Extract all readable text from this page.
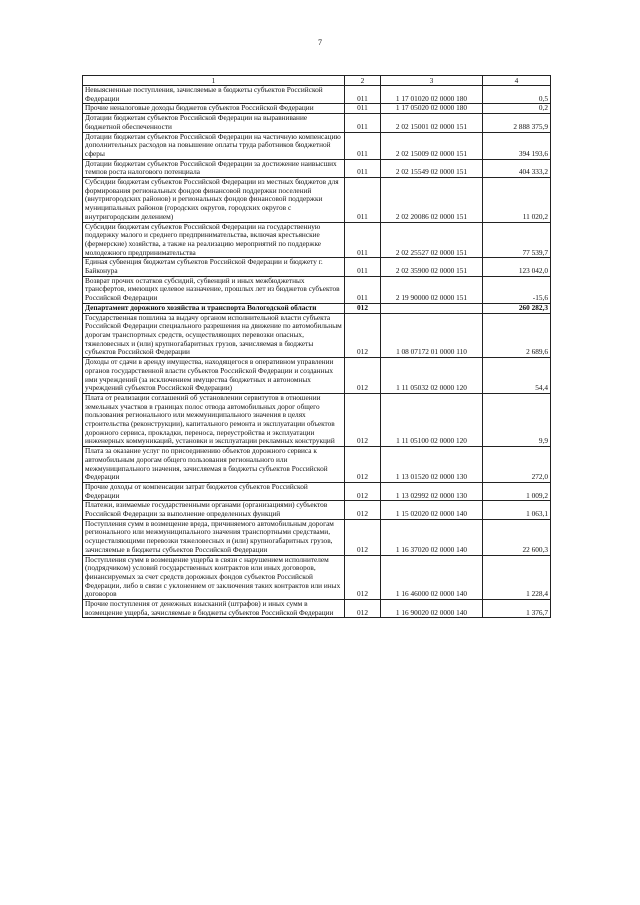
7
1	2	3	4
Невыясненные поступления, зачисляемые в бюджеты субъектов Российской Федерации	011	1 17 01020 02 0000 180	0,5
Прочие неналоговые доходы бюджетов субъектов Российской Федерации	011	1 17 05020 02 0000 180	0,2
Дотации бюджетам субъектов Российской Федерации на выравнивание бюджетной обеспеченности	011	2 02 15001 02 0000 151	2 888 375,9
Дотации бюджетам субъектов Российской Федерации на частичную компенсацию дополнительных расходов на повышение оплаты труда работников бюджетной сферы	011	2 02 15009 02 0000 151	394 193,6
Дотации бюджетам субъектов Российской Федерации за достижение наивысших темпов роста налогового потенциала	011	2 02 15549 02 0000 151	404 333,2
Субсидии бюджетам субъектов Российской Федерации из местных бюджетов для формирования региональных фондов финансовой поддержки поселений (внутригородских районов) и региональных фондов финансовой поддержки муниципальных районов (городских округов, городских округов с внутригородским делением)	011	2 02 20086 02 0000 151	11 020,2
Субсидии бюджетам субъектов Российской Федерации на государственную поддержку малого и среднего предпринимательства, включая крестьянские (фермерские) хозяйства, а также на реализацию мероприятий по поддержке молодежного предпринимательства	011	2 02 25527 02 0000 151	77 539,7
Единая субвенция бюджетам субъектов Российской Федерации и бюджету г. Байконура	011	2 02 35900 02 0000 151	123 042,0
Возврат прочих остатков субсидий, субвенций и иных межбюджетных трансфертов, имеющих целевое назначение, прошлых лет из бюджетов субъектов Российской Федерации	011	2 19 90000 02 0000 151	-15,6
Департамент дорожного хозяйства и транспорта Вологодской области	012		260 282,3
Государственная пошлина за выдачу органом исполнительной власти субъекта Российской Федерации специального разрешения на движение по автомобильным дорогам транспортных средств, осуществляющих перевозки опасных, тяжеловесных и (или) крупногабаритных грузов, зачисляемая в бюджеты субъектов Российской Федерации	012	1 08 07172 01 0000 110	2 689,6
Доходы от сдачи в аренду имущества, находящегося в оперативном управлении органов государственной власти субъектов Российской Федерации и созданных ими учреждений (за исключением имущества бюджетных и автономных учреждений субъектов Российской Федерации)	012	1 11 05032 02 0000 120	54,4
Плата от реализации соглашений об установлении сервитутов в отношении земельных участков в границах полос отвода автомобильных дорог общего пользования регионального или межмуниципального значения в целях строительства (реконструкции), капитального ремонта и эксплуатации объектов дорожного сервиса, прокладки, переноса, переустройства и эксплуатации инженерных коммуникаций, установки и эксплуатации рекламных конструкций	012	1 11 05100 02 0000 120	9,9
Плата за оказание услуг по присоединению объектов дорожного сервиса к автомобильным дорогам общего пользования регионального или межмуниципального значения, зачисляемая в бюджеты субъектов Российской Федерации	012	1 13 01520 02 0000 130	272,0
Прочие доходы от компенсации затрат бюджетов субъектов Российской Федерации	012	1 13 02992 02 0000 130	1 009,2
Платежи, взимаемые государственными органами (организациями) субъектов Российской Федерации за выполнение определенных функций	012	1 15 02020 02 0000 140	1 063,1
Поступления сумм в возмещение вреда, причиняемого автомобильным дорогам регионального или межмуниципального значения транспортными средствами, осуществляющими перевозки тяжеловесных и (или) крупногабаритных грузов, зачисляемые в бюджеты субъектов Российской Федерации	012	1 16 37020 02 0000 140	22 600,3
Поступления сумм в возмещение ущерба в связи с нарушением исполнителем (подрядчиком) условий государственных контрактов или иных договоров, финансируемых за счет средств дорожных фондов субъектов Российской Федерации, либо в связи с уклонением от заключения таких контрактов или иных договоров	012	1 16 46000 02 0000 140	1 228,4
Прочие поступления от денежных взысканий (штрафов) и иных сумм в возмещение ущерба, зачисляемые в бюджеты субъектов Российской Федерации	012	1 16 90020 02 0000 140	1 376,7
